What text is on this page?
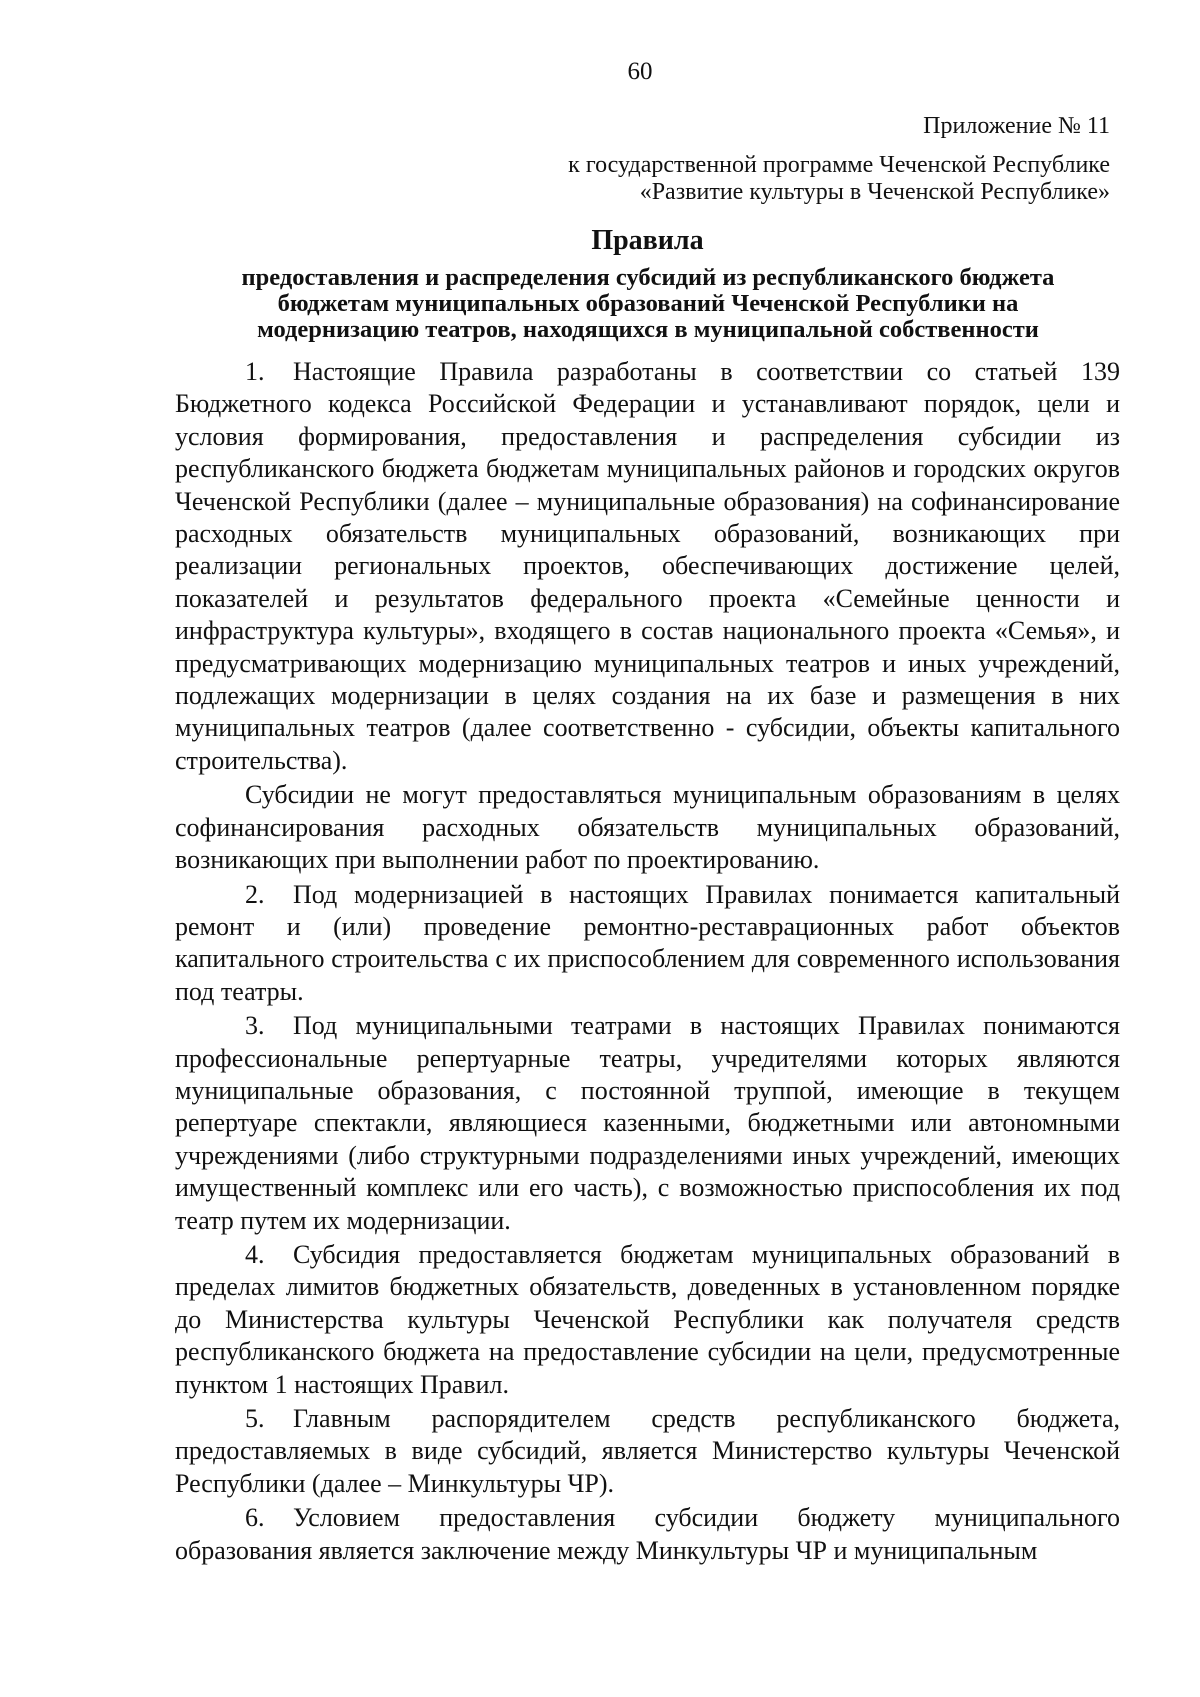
60
Приложение № 11
к государственной программе Чеченской Республике
«Развитие культуры в Чеченской Республике»
Правила
предоставления и распределения субсидий из республиканского бюджета
бюджетам муниципальных образований Чеченской Республики на
модернизацию театров, находящихся в муниципальной собственности

1. Настоящие Правила разработаны в соответствии со статьей 139 Бюджетного кодекса Российской Федерации и устанавливают порядок, цели и условия формирования, предоставления и распределения субсидии из республиканского бюджета бюджетам муниципальных районов и городских округов Чеченской Республики (далее – муниципальные образования) на софинансирование расходных обязательств муниципальных образований, возникающих при реализации региональных проектов, обеспечивающих достижение целей, показателей и результатов федерального проекта «Семейные ценности и инфраструктура культуры», входящего в состав национального проекта «Семья», и предусматривающих модернизацию муниципальных театров и иных учреждений, подлежащих модернизации в целях создания на их базе и размещения в них муниципальных театров (далее соответственно - субсидии, объекты капитального строительства).

Субсидии не могут предоставляться муниципальным образованиям в целях софинансирования расходных обязательств муниципальных образований, возникающих при выполнении работ по проектированию.

2. Под модернизацией в настоящих Правилах понимается капитальный ремонт и (или) проведение ремонтно-реставрационных работ объектов капитального строительства с их приспособлением для современного использования под театры.

3. Под муниципальными театрами в настоящих Правилах понимаются профессиональные репертуарные театры, учредителями которых являются муниципальные образования, с постоянной труппой, имеющие в текущем репертуаре спектакли, являющиеся казенными, бюджетными или автономными учреждениями (либо структурными подразделениями иных учреждений, имеющих имущественный комплекс или его часть), с возможностью приспособления их под театр путем их модернизации.

4. Субсидия предоставляется бюджетам муниципальных образований в пределах лимитов бюджетных обязательств, доведенных в установленном порядке до Министерства культуры Чеченской Республики как получателя средств республиканского бюджета на предоставление субсидии на цели, предусмотренные пунктом 1 настоящих Правил.

5. Главным распорядителем средств республиканского бюджета, предоставляемых в виде субсидий, является Министерство культуры Чеченской Республики (далее – Минкультуры ЧР).

6. Условием предоставления субсидии бюджету муниципального образования является заключение между Минкультуры ЧР и муниципальным
